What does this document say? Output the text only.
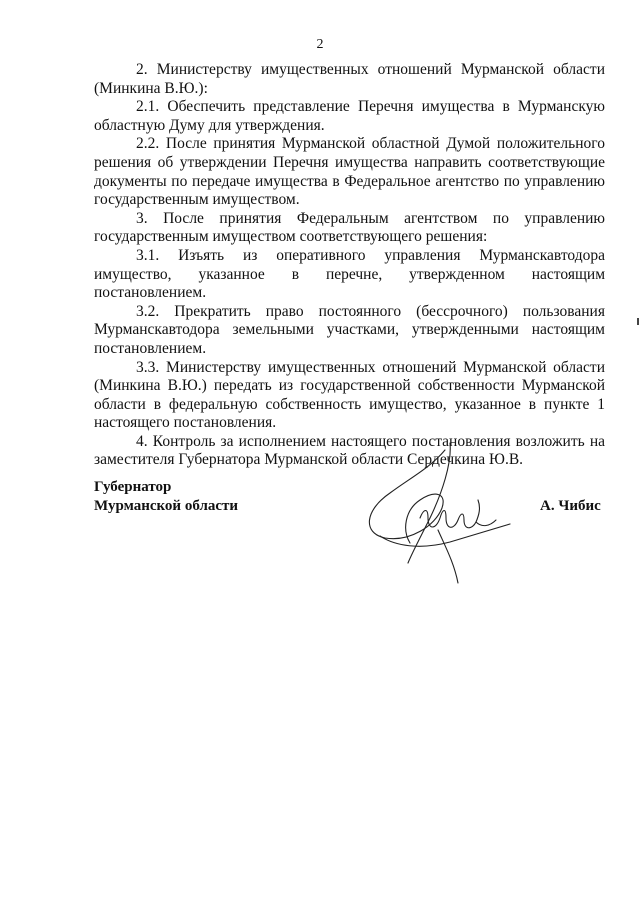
2

2. Министерству имущественных отношений Мурманской области (Минкина В.Ю.):

2.1. Обеспечить представление Перечня имущества в Мурманскую областную Думу для утверждения.

2.2. После принятия Мурманской областной Думой положительного решения об утверждении Перечня имущества направить соответствующие документы по передаче имущества в Федеральное агентство по управлению государственным имуществом.

3. После принятия Федеральным агентством по управлению государственным имуществом соответствующего решения:

3.1. Изъять из оперативного управления Мурманскавтодора имущество, указанное в перечне, утвержденном настоящим постановлением.

3.2. Прекратить право постоянного (бессрочного) пользования Мурманскавтодора земельными участками, утвержденными настоящим постановлением.

3.3. Министерству имущественных отношений Мурманской области (Минкина В.Ю.) передать из государственной собственности Мурманской области в федеральную собственность имущество, указанное в пункте 1 настоящего постановления.

4. Контроль за исполнением настоящего постановления возложить на заместителя Губернатора Мурманской области Сердечкина Ю.В.

Губернатор
Мурманской области	А. Чибис
